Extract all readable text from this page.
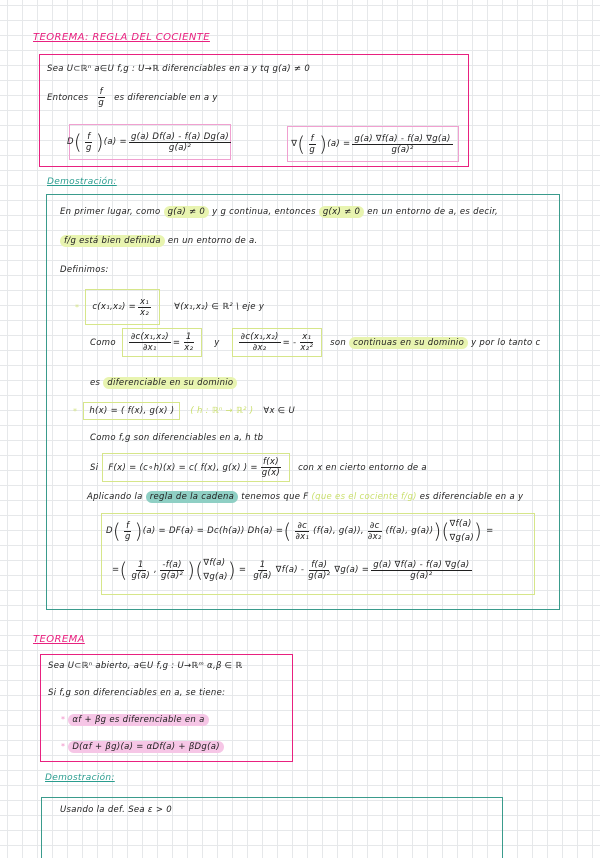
TEOREMA: REGLA DEL COCIENTE
Sea U⊂ℝⁿ a∈U f,g : U→ℝ diferenciables en a y tq g(a) ≠ 0
Entonces $\frac{f}{g}$ es diferenciable en a y
D ( $\frac{f}{g}$ ) $(a) = \frac{g(a) Df(a) - f(a) Dg(a)}{\text{g(a)²}}$	∇ ( $\frac{f}{g}$ ) $(a) = \frac{g(a) \nabla f(a) - f(a) \nabla g(a)}{\text{g(a)²}}$
Demostración:
En primer lugar, como g(a) ≠ 0 y g continua, entonces g(x) ≠ 0 en un entorno de a, es decir,
f/g está bien definida en un entorno de a.
Definimos:
* $c(x_1,x_2) = \frac{\text{x₁}}{\text{x₂}}$	∀(x₁,x₂) ∈ ℝ² \ eje y
Como $\frac{\text{∂c(x₁,x₂)}}{\text{∂x₁}} = \frac{1}{\text{x₂}}$ y $\frac{\text{∂c(x₁,x₂)}}{\text{∂x₂}}$ = - $\frac{\text{x₁}}{\text{x₂²}}$ son continuas en su dominio y por lo tanto c
es diferenciable en su dominio
*	h(x) = ( f(x), g(x) )	( h : ℝⁿ → ℝ² ) ∀x ∈ U
Como f,g son diferenciables en a, h tb
Si F(x) = (c∘h)(x) = c( f(x), g(x) ) = $\frac{f(x)}{g(x)}$ con x en cierto entorno de a
Aplicando la regla de la cadena tenemos que F (que es el cociente f/g) es diferenciable en a y
D ( $\frac{f}{g}$ ) (a) = DF(a) = Dc(h(a)) Dh(a) = ( $\frac{\partial c}{\text{∂x₁}} (f(a)$, g(a)), $\frac{\partial c}{\text{∂x₂}} (f(a)$, g(a)) ) ( ∇f(a)
∇g(a) ) =
= ( $\frac{1}{g(a)}$ , $\frac{-f(a)}{\text{g(a)²}}$ ) ( ∇f(a)
∇g(a) ) = $\frac{1}{g(a)} \nabla f(a) - \frac{f(a)}{\text{g(a)²}} \nabla g(a) = \frac{g(a) \nabla f(a) - f(a) \nabla g(a)}{\text{g(a)²}}$
TEOREMA
Sea U⊂ℝⁿ abierto, a∈U f,g : U→ℝᵐ α,β ∈ ℝ
Si f,g son diferenciables en a, se tiene:
* αf + βg es diferenciable en a
* D(αf + βg)(a) = αDf(a) + βDg(a)
Demostración:
Usando la def. Sea ε > 0
